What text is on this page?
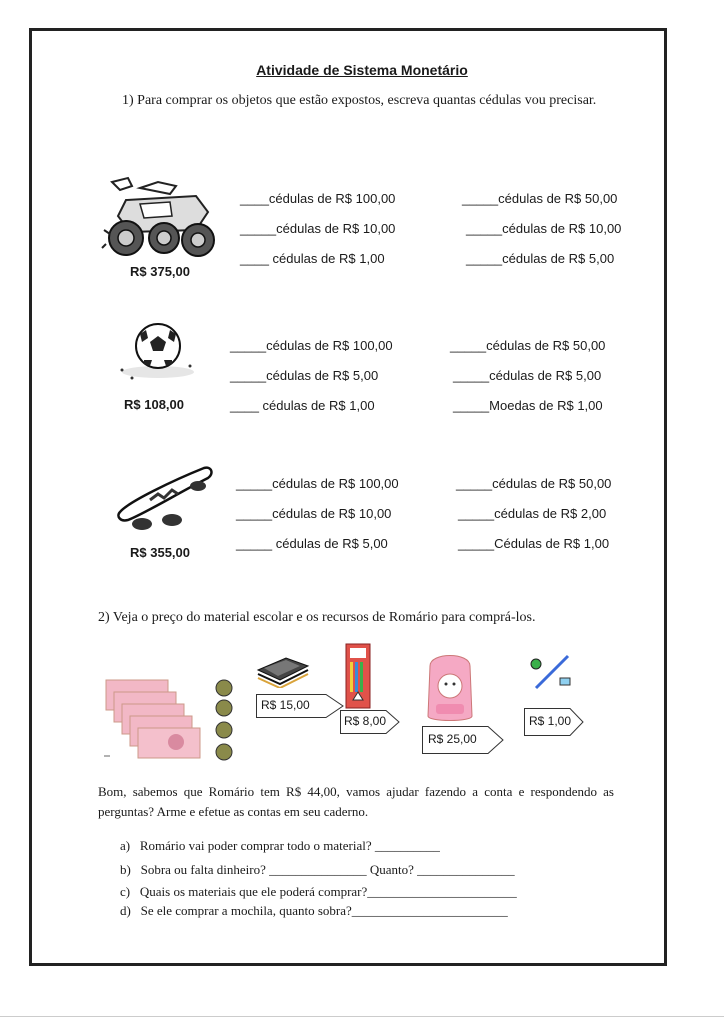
Atividade de Sistema Monetário
1) Para comprar os objetos que estão expostos, escreva quantas cédulas vou precisar.
R$ 375,00
____cédulas de R$ 100,00
_____cédulas de R$ 10,00
____ cédulas de R$ 1,00
_____cédulas de R$ 50,00
_____cédulas de R$ 10,00
_____cédulas de R$ 5,00
R$ 108,00
_____cédulas de R$ 100,00
_____cédulas de R$ 5,00
____ cédulas de R$ 1,00
_____cédulas de R$ 50,00
_____cédulas de R$ 5,00
_____Moedas de R$ 1,00
R$ 355,00
_____cédulas de R$ 100,00
_____cédulas de R$ 10,00
_____ cédulas de R$ 5,00
_____cédulas de R$ 50,00
_____cédulas de R$ 2,00
_____Cédulas de R$ 1,00
2) Veja o preço do material escolar e os recursos de Romário para comprá-los.
R$ 15,00
R$ 8,00
R$ 25,00
R$ 1,00
Bom, sabemos que Romário tem R$ 44,00, vamos ajudar fazendo a conta e respondendo as perguntas? Arme e efetue as contas em seu caderno.
a) Romário vai poder comprar todo o material? __________
b) Sobra ou falta dinheiro? _______________ Quanto? _______________
c) Quais os materiais que ele poderá comprar?_______________________
d) Se ele comprar a mochila, quanto sobra?________________________
